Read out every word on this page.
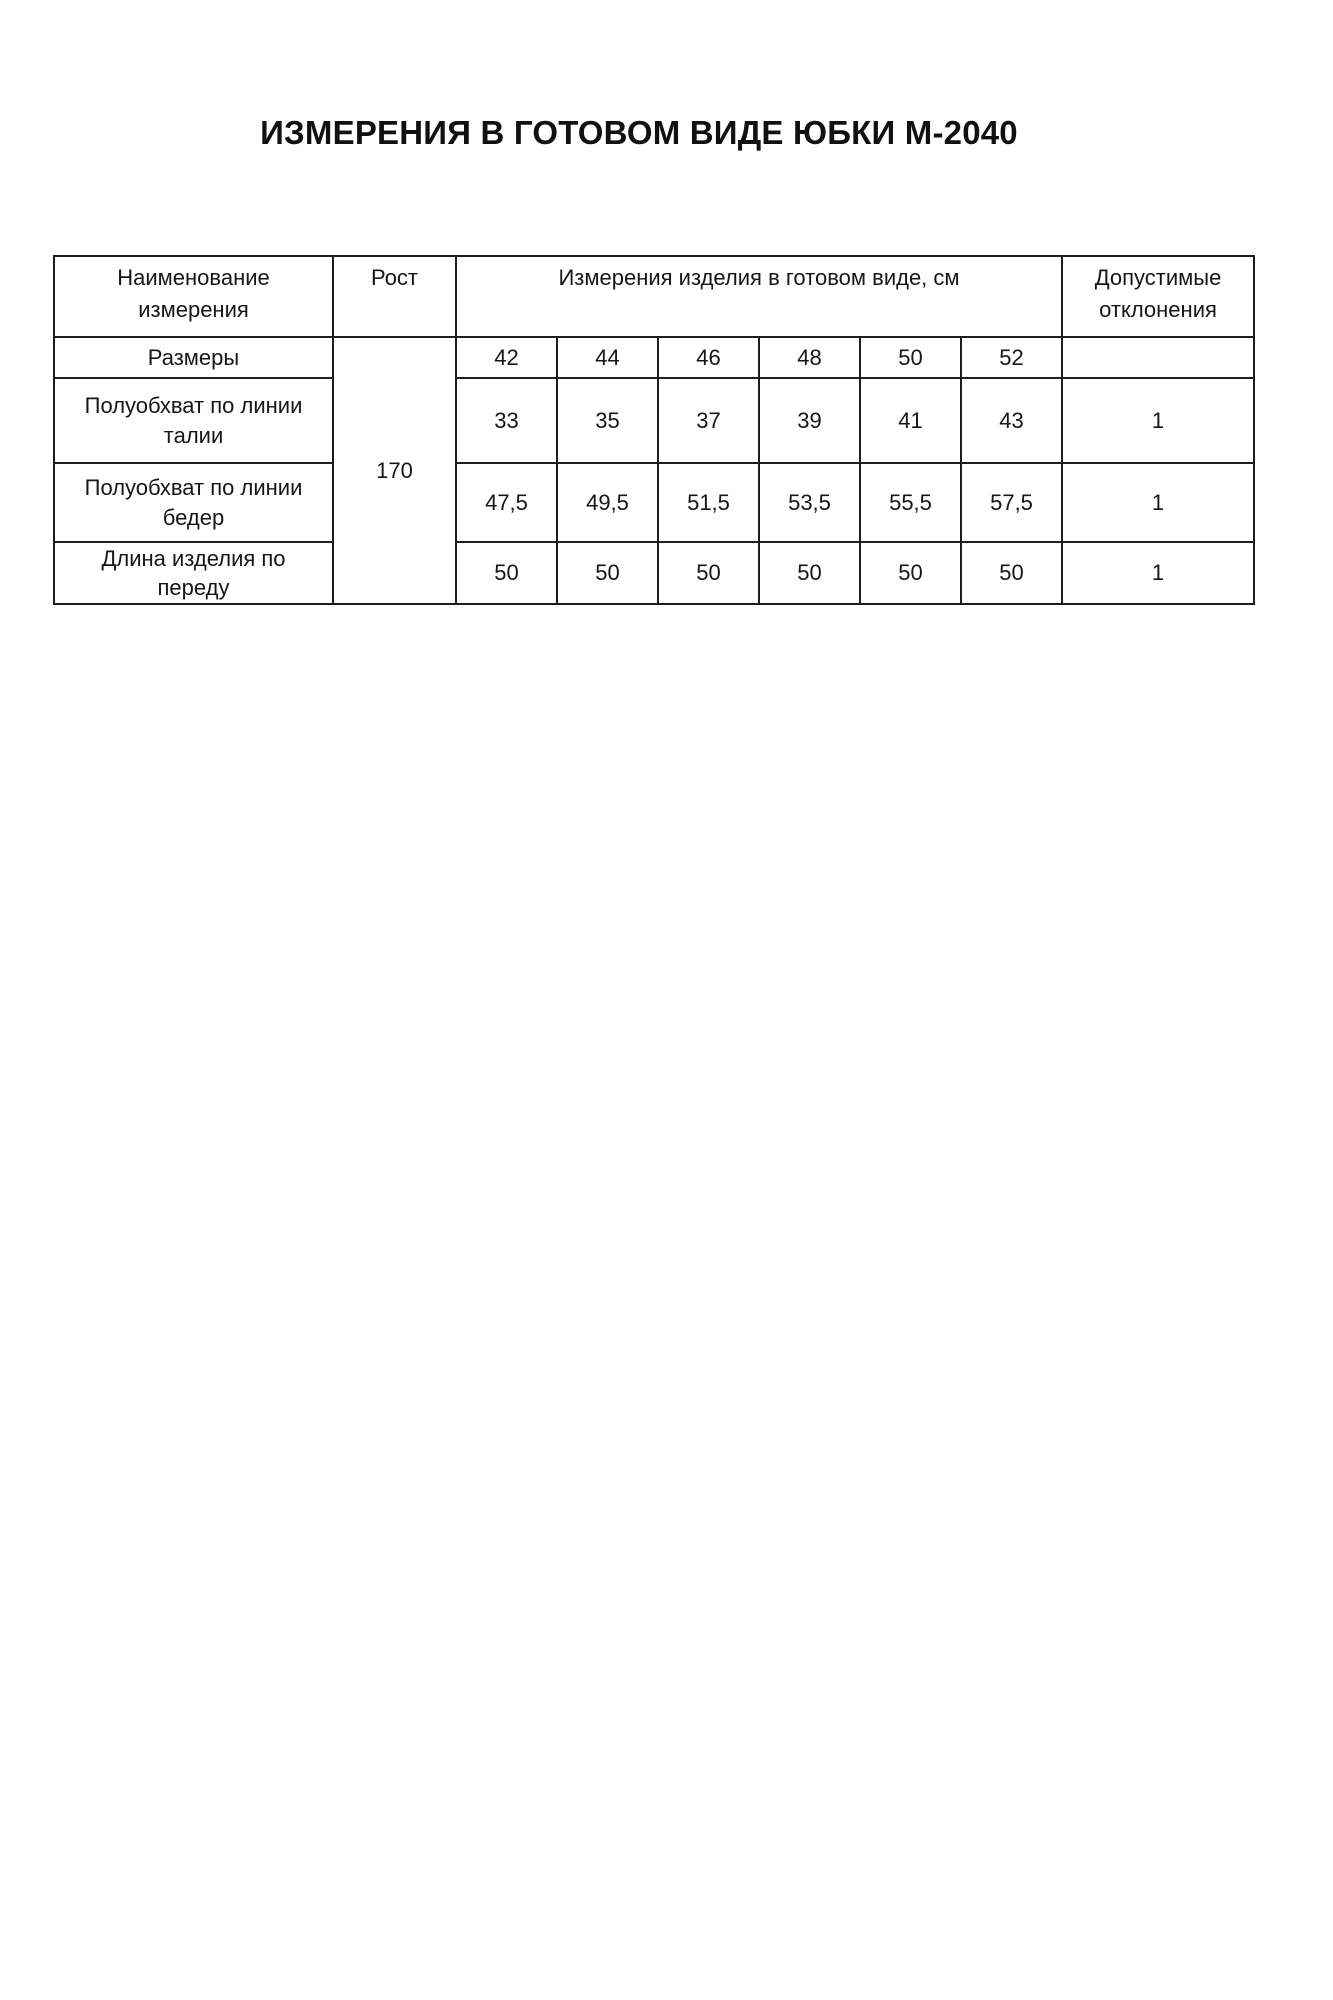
ИЗМЕРЕНИЯ В ГОТОВОМ ВИДЕ ЮБКИ М-2040
Наименование измерения	Рост	Измерения изделия в готовом виде, см						Допустимые отклонения
Размеры	170	42	44	46	48	50	52	
Полуобхват по линии талии		33	35	37	39	41	43	1
Полуобхват по линии бедер		47,5	49,5	51,5	53,5	55,5	57,5	1
Длина изделия по переду		50	50	50	50	50	50	1
